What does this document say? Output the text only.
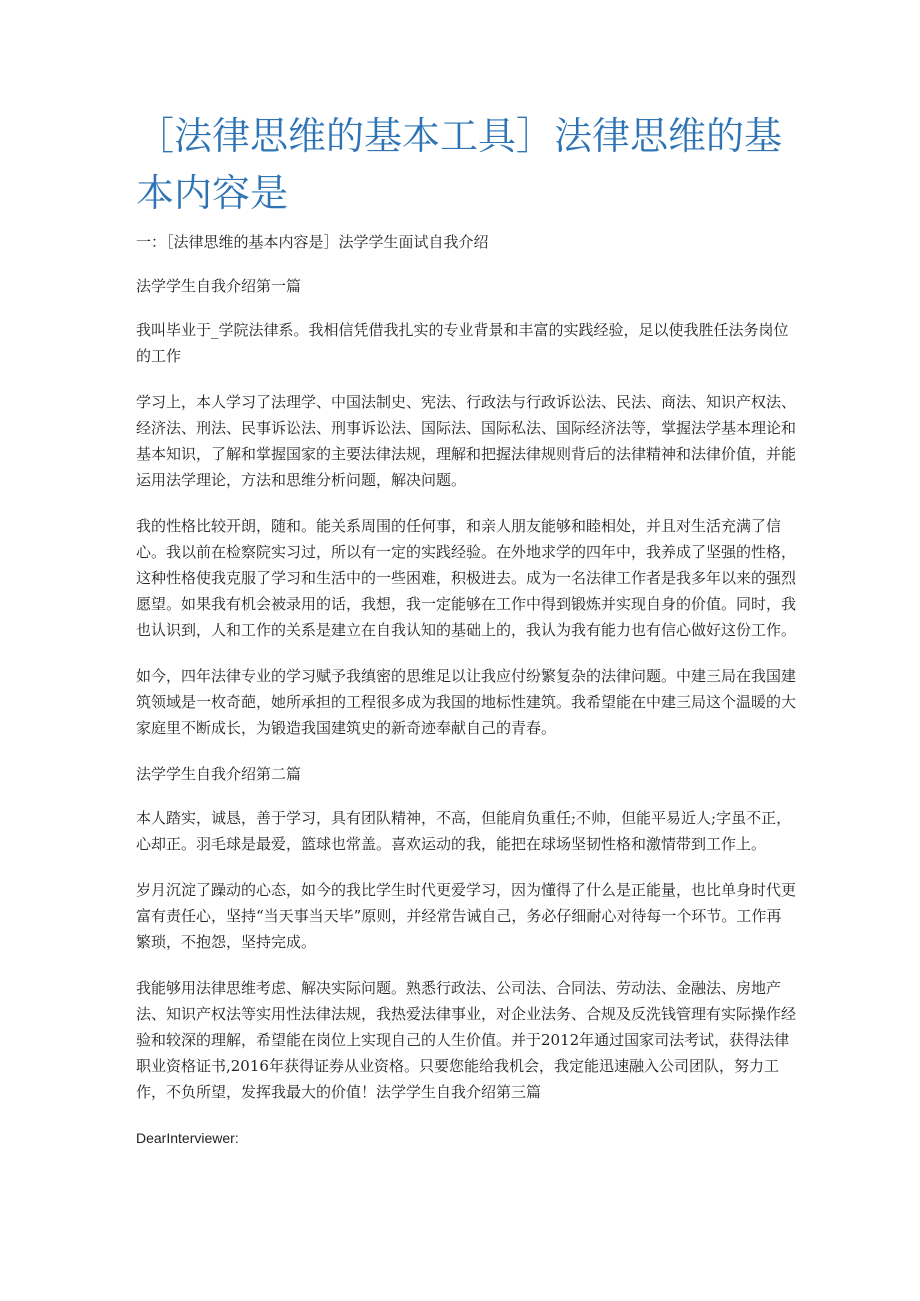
［法律思维的基本工具］法律思维的基本内容是

一：［法律思维的基本内容是］法学学生面试自我介绍

法学学生自我介绍第一篇

我叫毕业于_学院法律系。我相信凭借我扎实的专业背景和丰富的实践经验，足以使我胜任法务岗位的工作

学习上，本人学习了法理学、中国法制史、宪法、行政法与行政诉讼法、民法、商法、知识产权法、经济法、刑法、民事诉讼法、刑事诉讼法、国际法、国际私法、国际经济法等，掌握法学基本理论和基本知识，了解和掌握国家的主要法律法规，理解和把握法律规则背后的法律精神和法律价值，并能运用法学理论，方法和思维分析问题，解决问题。

我的性格比较开朗，随和。能关系周围的任何事，和亲人朋友能够和睦相处，并且对生活充满了信心。我以前在检察院实习过，所以有一定的实践经验。在外地求学的四年中，我养成了坚强的性格，这种性格使我克服了学习和生活中的一些困难，积极进去。成为一名法律工作者是我多年以来的强烈愿望。如果我有机会被录用的话，我想，我一定能够在工作中得到锻炼并实现自身的价值。同时，我也认识到，人和工作的关系是建立在自我认知的基础上的，我认为我有能力也有信心做好这份工作。

如今，四年法律专业的学习赋予我缜密的思维足以让我应付纷繁复杂的法律问题。中建三局在我国建筑领域是一枚奇葩，她所承担的工程很多成为我国的地标性建筑。我希望能在中建三局这个温暖的大家庭里不断成长，为锻造我国建筑史的新奇迹奉献自己的青春。

法学学生自我介绍第二篇

本人踏实，诚恳，善于学习，具有团队精神，不高，但能肩负重任;不帅，但能平易近人;字虽不正，心却正。羽毛球是最爱，篮球也常盖。喜欢运动的我，能把在球场坚韧性格和激情带到工作上。

岁月沉淀了躁动的心态，如今的我比学生时代更爱学习，因为懂得了什么是正能量，也比单身时代更富有责任心，坚持“当天事当天毕”原则，并经常告诫自己，务必仔细耐心对待每一个环节。工作再繁琐，不抱怨，坚持完成。

我能够用法律思维考虑、解决实际问题。熟悉行政法、公司法、合同法、劳动法、金融法、房地产法、知识产权法等实用性法律法规，我热爱法律事业，对企业法务、合规及反洗钱管理有实际操作经验和较深的理解，希望能在岗位上实现自己的人生价值。并于2012年通过国家司法考试，获得法律职业资格证书,2016年获得证券从业资格。只要您能给我机会，我定能迅速融入公司团队，努力工作，不负所望，发挥我最大的价值！法学学生自我介绍第三篇

DearInterviewer:
